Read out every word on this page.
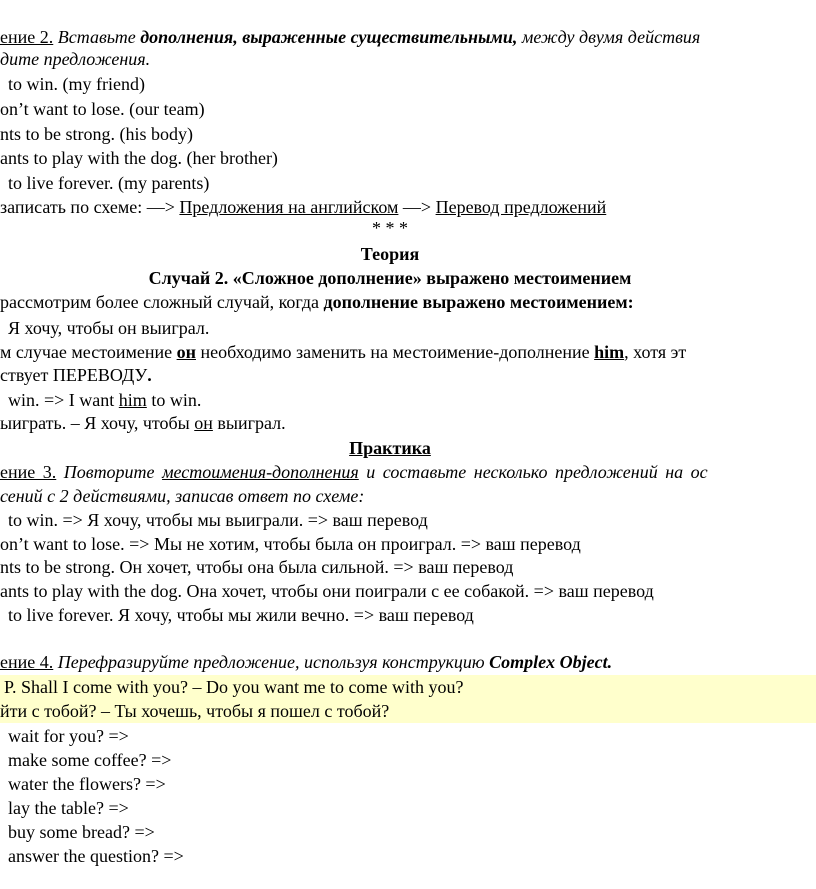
ение 2. Вставьте дополнения, выраженные существительными, между двумя действия
дите предложения.
to win. (my friend)
on’t want to lose. (our team)
nts to be strong. (his body)
ants to play with the dog. (her brother)
to live forever. (my parents)
записать по схеме: —> Предложения на английском —> Перевод предложений
* * *
Теория
Случай 2. «Сложное дополнение» выражено местоимением
рассмотрим более сложный случай, когда дополнение выражено местоимением:
Я хочу, чтобы он выиграл.
м случае местоимение он необходимо заменить на местоимение-дополнение him, хотя эт
ствует ПЕРЕВОДУ.
win. => I want him to win.
ыиграть. – Я хочу, чтобы он выиграл.
Практика
ение 3. Повторите местоимения-дополнения и составьте несколько предложений на ос
сений с 2 действиями, записав ответ по схеме:
to win. => Я хочу, чтобы мы выиграли. => ваш перевод
on’t want to lose. => Мы не хотим, чтобы была он проиграл. => ваш перевод
nts to be strong. Он хочет, чтобы она была сильной. => ваш перевод
ants to play with the dog. Она хочет, чтобы они поиграли с ее собакой. => ваш перевод
to live forever. Я хочу, чтобы мы жили вечно. => ваш перевод
ение 4. Перефразируйте предложение, используя конструкцию Complex Object.
P. Shall I come with you? – Do you want me to come with you?
йти с тобой? – Ты хочешь, чтобы я пошел с тобой?
wait for you? =>
make some coffee? =>
water the flowers? =>
lay the table? =>
buy some bread? =>
answer the question? =>
